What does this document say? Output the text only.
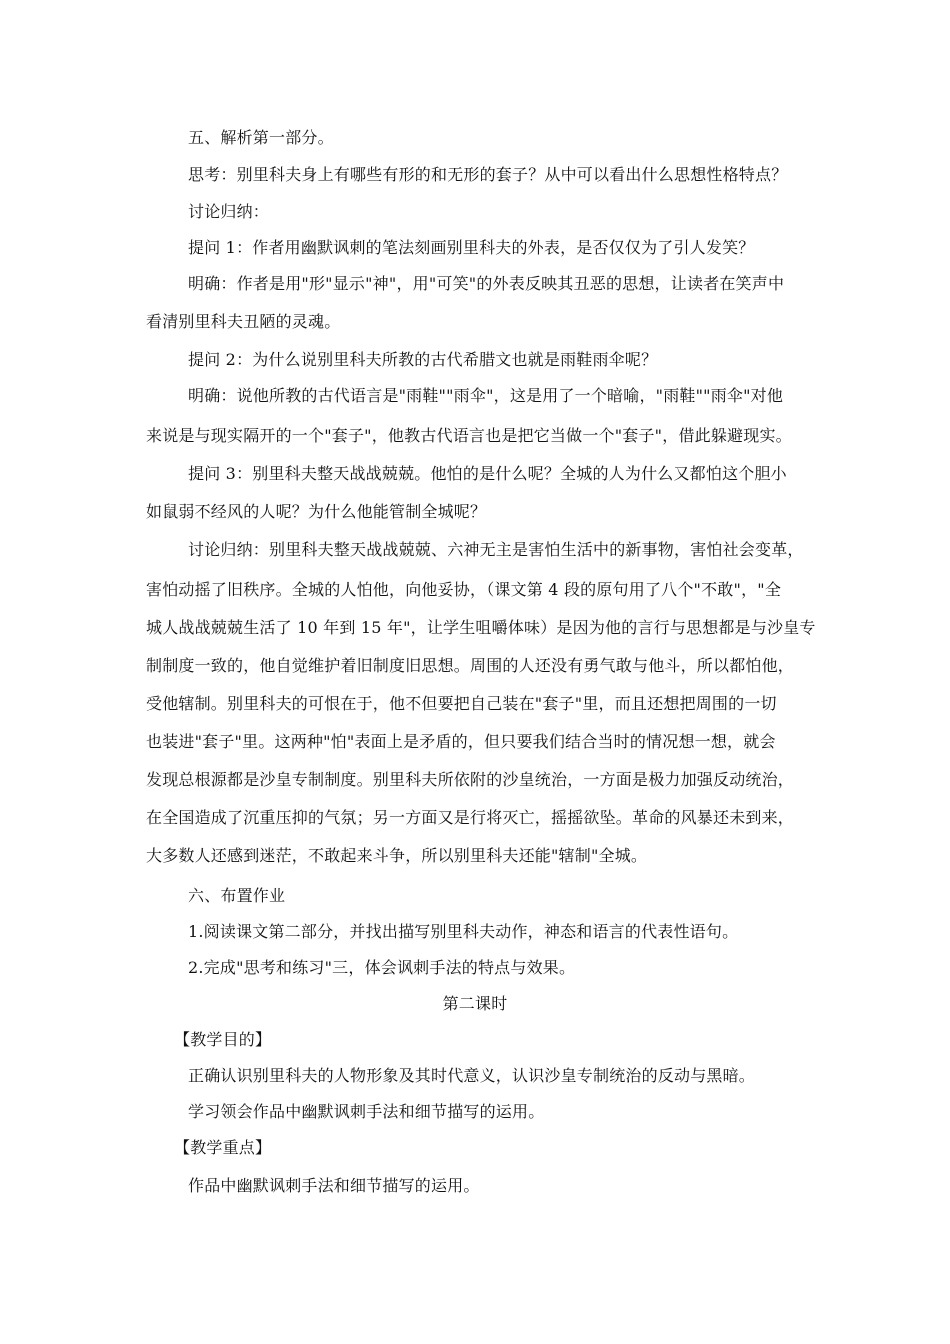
五、解析第一部分。
思考：别里科夫身上有哪些有形的和无形的套子？从中可以看出什么思想性格特点？
讨论归纳：
提问 1：作者用幽默讽刺的笔法刻画别里科夫的外表，是否仅仅为了引人发笑？
明确：作者是用"形"显示"神"，用"可笑"的外表反映其丑恶的思想，让读者在笑声中
看清别里科夫丑陋的灵魂。
提问 2：为什么说别里科夫所教的古代希腊文也就是雨鞋雨伞呢？
明确：说他所教的古代语言是"雨鞋""雨伞"，这是用了一个暗喻，"雨鞋""雨伞"对他
来说是与现实隔开的一个"套子"，他教古代语言也是把它当做一个"套子"，借此躲避现实。
提问 3：别里科夫整天战战兢兢。他怕的是什么呢？全城的人为什么又都怕这个胆小
如鼠弱不经风的人呢？为什么他能管制全城呢？
讨论归纳：别里科夫整天战战兢兢、六神无主是害怕生活中的新事物，害怕社会变革，
害怕动摇了旧秩序。全城的人怕他，向他妥协，（课文第 4 段的原句用了八个"不敢"，"全
城人战战兢兢生活了 10 年到 15 年"，让学生咀嚼体味）是因为他的言行与思想都是与沙皇专
制制度一致的，他自觉维护着旧制度旧思想。周围的人还没有勇气敢与他斗，所以都怕他，
受他辖制。别里科夫的可恨在于，他不但要把自己装在"套子"里，而且还想把周围的一切
也装进"套子"里。这两种"怕"表面上是矛盾的，但只要我们结合当时的情况想一想，就会
发现总根源都是沙皇专制制度。别里科夫所依附的沙皇统治，一方面是极力加强反动统治，
在全国造成了沉重压抑的气氛；另一方面又是行将灭亡，摇摇欲坠。革命的风暴还未到来，
大多数人还感到迷茫，不敢起来斗争，所以别里科夫还能"辖制"全城。
六、布置作业
1.阅读课文第二部分，并找出描写别里科夫动作，神态和语言的代表性语句。
2.完成"思考和练习"三，体会讽刺手法的特点与效果。
第二课时
【教学目的】
正确认识别里科夫的人物形象及其时代意义，认识沙皇专制统治的反动与黑暗。
学习领会作品中幽默讽刺手法和细节描写的运用。
【教学重点】
作品中幽默讽刺手法和细节描写的运用。
